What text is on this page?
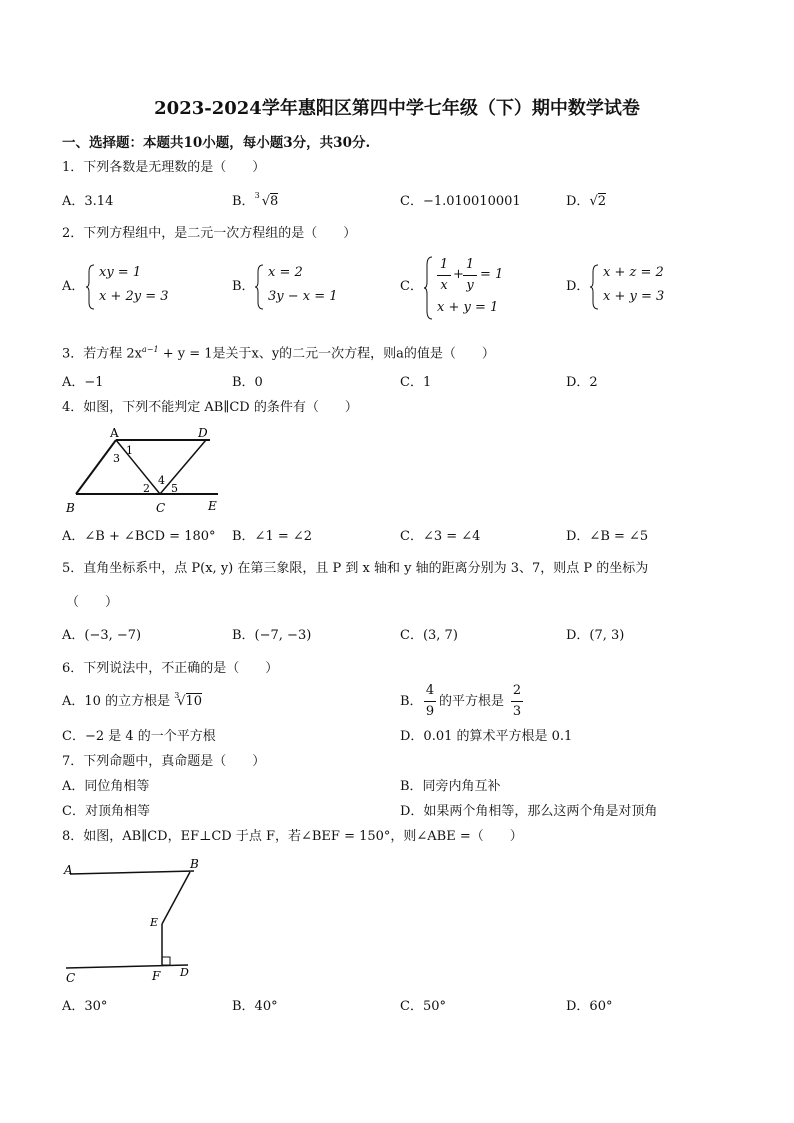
2023-2024学年惠阳区第四中学七年级（下）期中数学试卷
一、选择题：本题共10小题，每小题3分，共30分.
1．下列各数是无理数的是（　　）
A．3.14	B． 3 √8	C．−1.010010001	D．√2
2．下列方程组中，是二元一次方程组的是（　　）
A．
xy = 1
x + 2y = 3
B．
x = 2
3y − x = 1
C．
1
x
+
1
y
= 1
x + y = 1
D．
x + z = 2
x + y = 3
3．若方程 $2x^{a-1} + y = 1$是关于x、y的二元一次方程，则a的值是（　　）
A．−1	B．0	C．1	D．2
4．如图，下列不能判定 AB∥CD 的条件有（　　）
A	D
1
3
2
4
5
B	C	E
A．∠B + ∠BCD = 180° B．∠1 = ∠2	C．∠3 = ∠4	D．∠B = ∠5
5．直角坐标系中，点 P(x, y) 在第三象限，且 P 到 x 轴和 y 轴的距离分别为 3、7，则点 P 的坐标为
（　　）
A．(−3, −7)	B．(−7, −3)	C．(3, 7)	D．(7, 3)
6．下列说法中，不正确的是（　　）
A．10 的立方根是 3
√10	B．
4
9
的平方根是
2
3
C．−2 是 4 的一个平方根	D．0.01 的算术平方根是 0.1
7．下列命题中，真命题是（　　）
A．同位角相等	B．同旁内角互补
C．对顶角相等	D．如果两个角相等，那么这两个角是对顶角
8．如图，AB∥CD，EF⊥CD 于点 F，若∠BEF = 150°，则∠ABE =（　　）
A	B
E
C	F D
A．30°	B．40°	C．50°	D．60°
